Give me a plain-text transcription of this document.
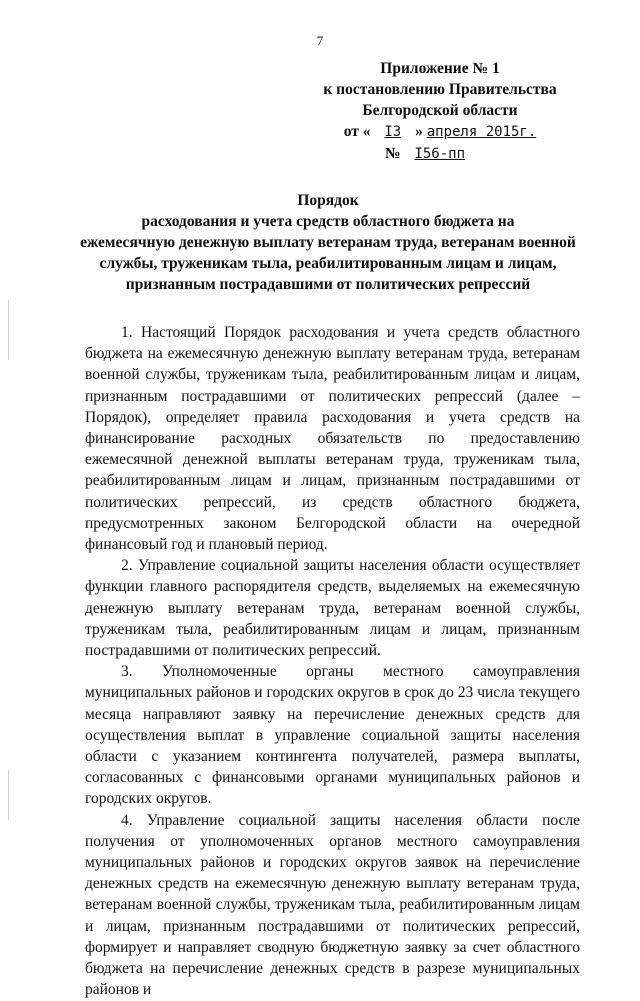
7
Приложение № 1
к постановлению Правительства
Белгородской области
от « I3 » апреля 2015г.
№ I56-пп
Порядок
расходования и учета средств областного бюджета на
ежемесячную денежную выплату ветеранам труда, ветеранам военной
службы, труженикам тыла, реабилитированным лицам и лицам,
признанным пострадавшими от политических репрессий

1. Настоящий Порядок расходования и учета средств областного бюджета на ежемесячную денежную выплату ветеранам труда, ветеранам военной службы, труженикам тыла, реабилитированным лицам и лицам, признанным пострадавшими от политических репрессий (далее – Порядок), определяет правила расходования и учета средств на финансирование расходных обязательств по предоставлению ежемесячной денежной выплаты ветеранам труда, труженикам тыла, реабилитированным лицам и лицам, признанным пострадавшими от политических репрессий, из средств областного бюджета, предусмотренных законом Белгородской области на очередной финансовый год и плановый период.

2. Управление социальной защиты населения области осуществляет функции главного распорядителя средств, выделяемых на ежемесячную денежную выплату ветеранам труда, ветеранам военной службы, труженикам тыла, реабилитированным лицам и лицам, признанным пострадавшими от политических репрессий.

3. Уполномоченные органы местного самоуправления муниципальных районов и городских округов в срок до 23 числа текущего месяца направляют заявку на перечисление денежных средств для осуществления выплат в управление социальной защиты населения области с указанием контингента получателей, размера выплаты, согласованных с финансовыми органами муниципальных районов и городских округов.

4. Управление социальной защиты населения области после получения от уполномоченных органов местного самоуправления муниципальных районов и городских округов заявок на перечисление денежных средств на ежемесячную денежную выплату ветеранам труда, ветеранам военной службы, труженикам тыла, реабилитированным лицам и лицам, признанным пострадавшими от политических репрессий, формирует и направляет сводную бюджетную заявку за счет областного бюджета на перечисление денежных средств в разрезе муниципальных районов и
